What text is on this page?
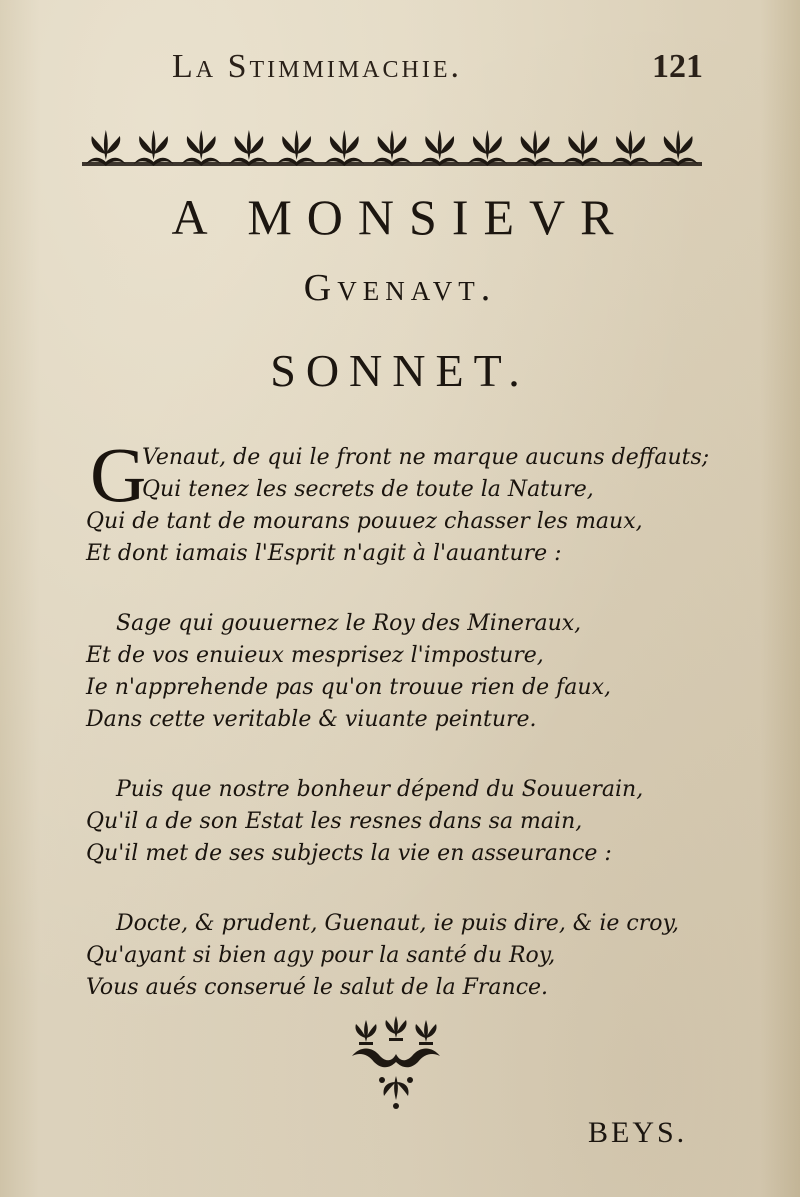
La Stimmimachie.	121
A MONSIEVR
Gvenavt.
SONNET.
G
Venaut, de qui le front ne marque aucuns deffauts;
Qui tenez les secrets de toute la Nature,
Qui de tant de mourans pouuez chasser les maux,
Et dont iamais l'Esprit n'agit à l'auanture :
Sage qui gouuernez le Roy des Mineraux,
Et de vos enuieux mesprisez l'imposture,
Ie n'apprehende pas qu'on trouue rien de faux,
Dans cette veritable & viuante peinture.
Puis que nostre bonheur dépend du Souuerain,
Qu'il a de son Estat les resnes dans sa main,
Qu'il met de ses subjects la vie en asseurance :
Docte, & prudent, Guenaut, ie puis dire, & ie croy,
Qu'ayant si bien agy pour la santé du Roy,
Vous aués conserué le salut de la France.
BEYS.
